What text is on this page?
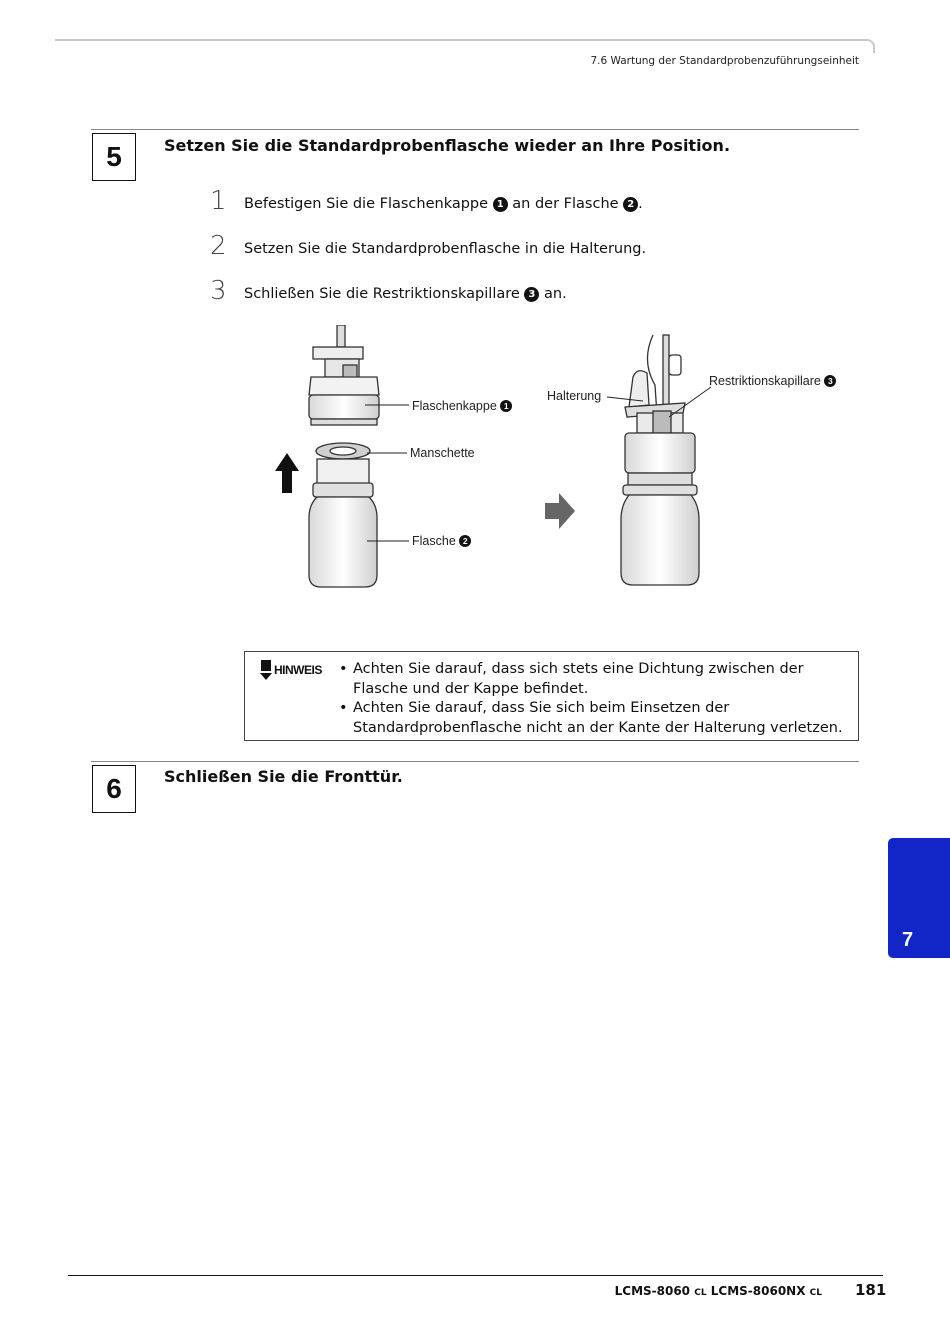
7.6 Wartung der Standardprobenzuführungseinheit
5	Setzen Sie die Standardprobenflasche wieder an Ihre Position.
1 Befestigen Sie die Flaschenkappe 1 an der Flasche 2 .
2 Setzen Sie die Standardprobenflasche in die Halterung.
3 Schließen Sie die Restriktionskapillare 3 an.
Flaschenkappe 1
Manschette
Flasche 2
Halterung
Restriktionskapillare 3
HINWEIS
•	Achten Sie darauf, dass sich stets eine Dichtung zwischen der Flasche und der Kappe befindet.
• Achten Sie darauf, dass Sie sich beim Einsetzen der Standardprobenflasche nicht an der Kante der Halterung verletzen.
6	Schließen Sie die Fronttür.
7
LCMS-8060 CL LCMS-8060NX CL 181
